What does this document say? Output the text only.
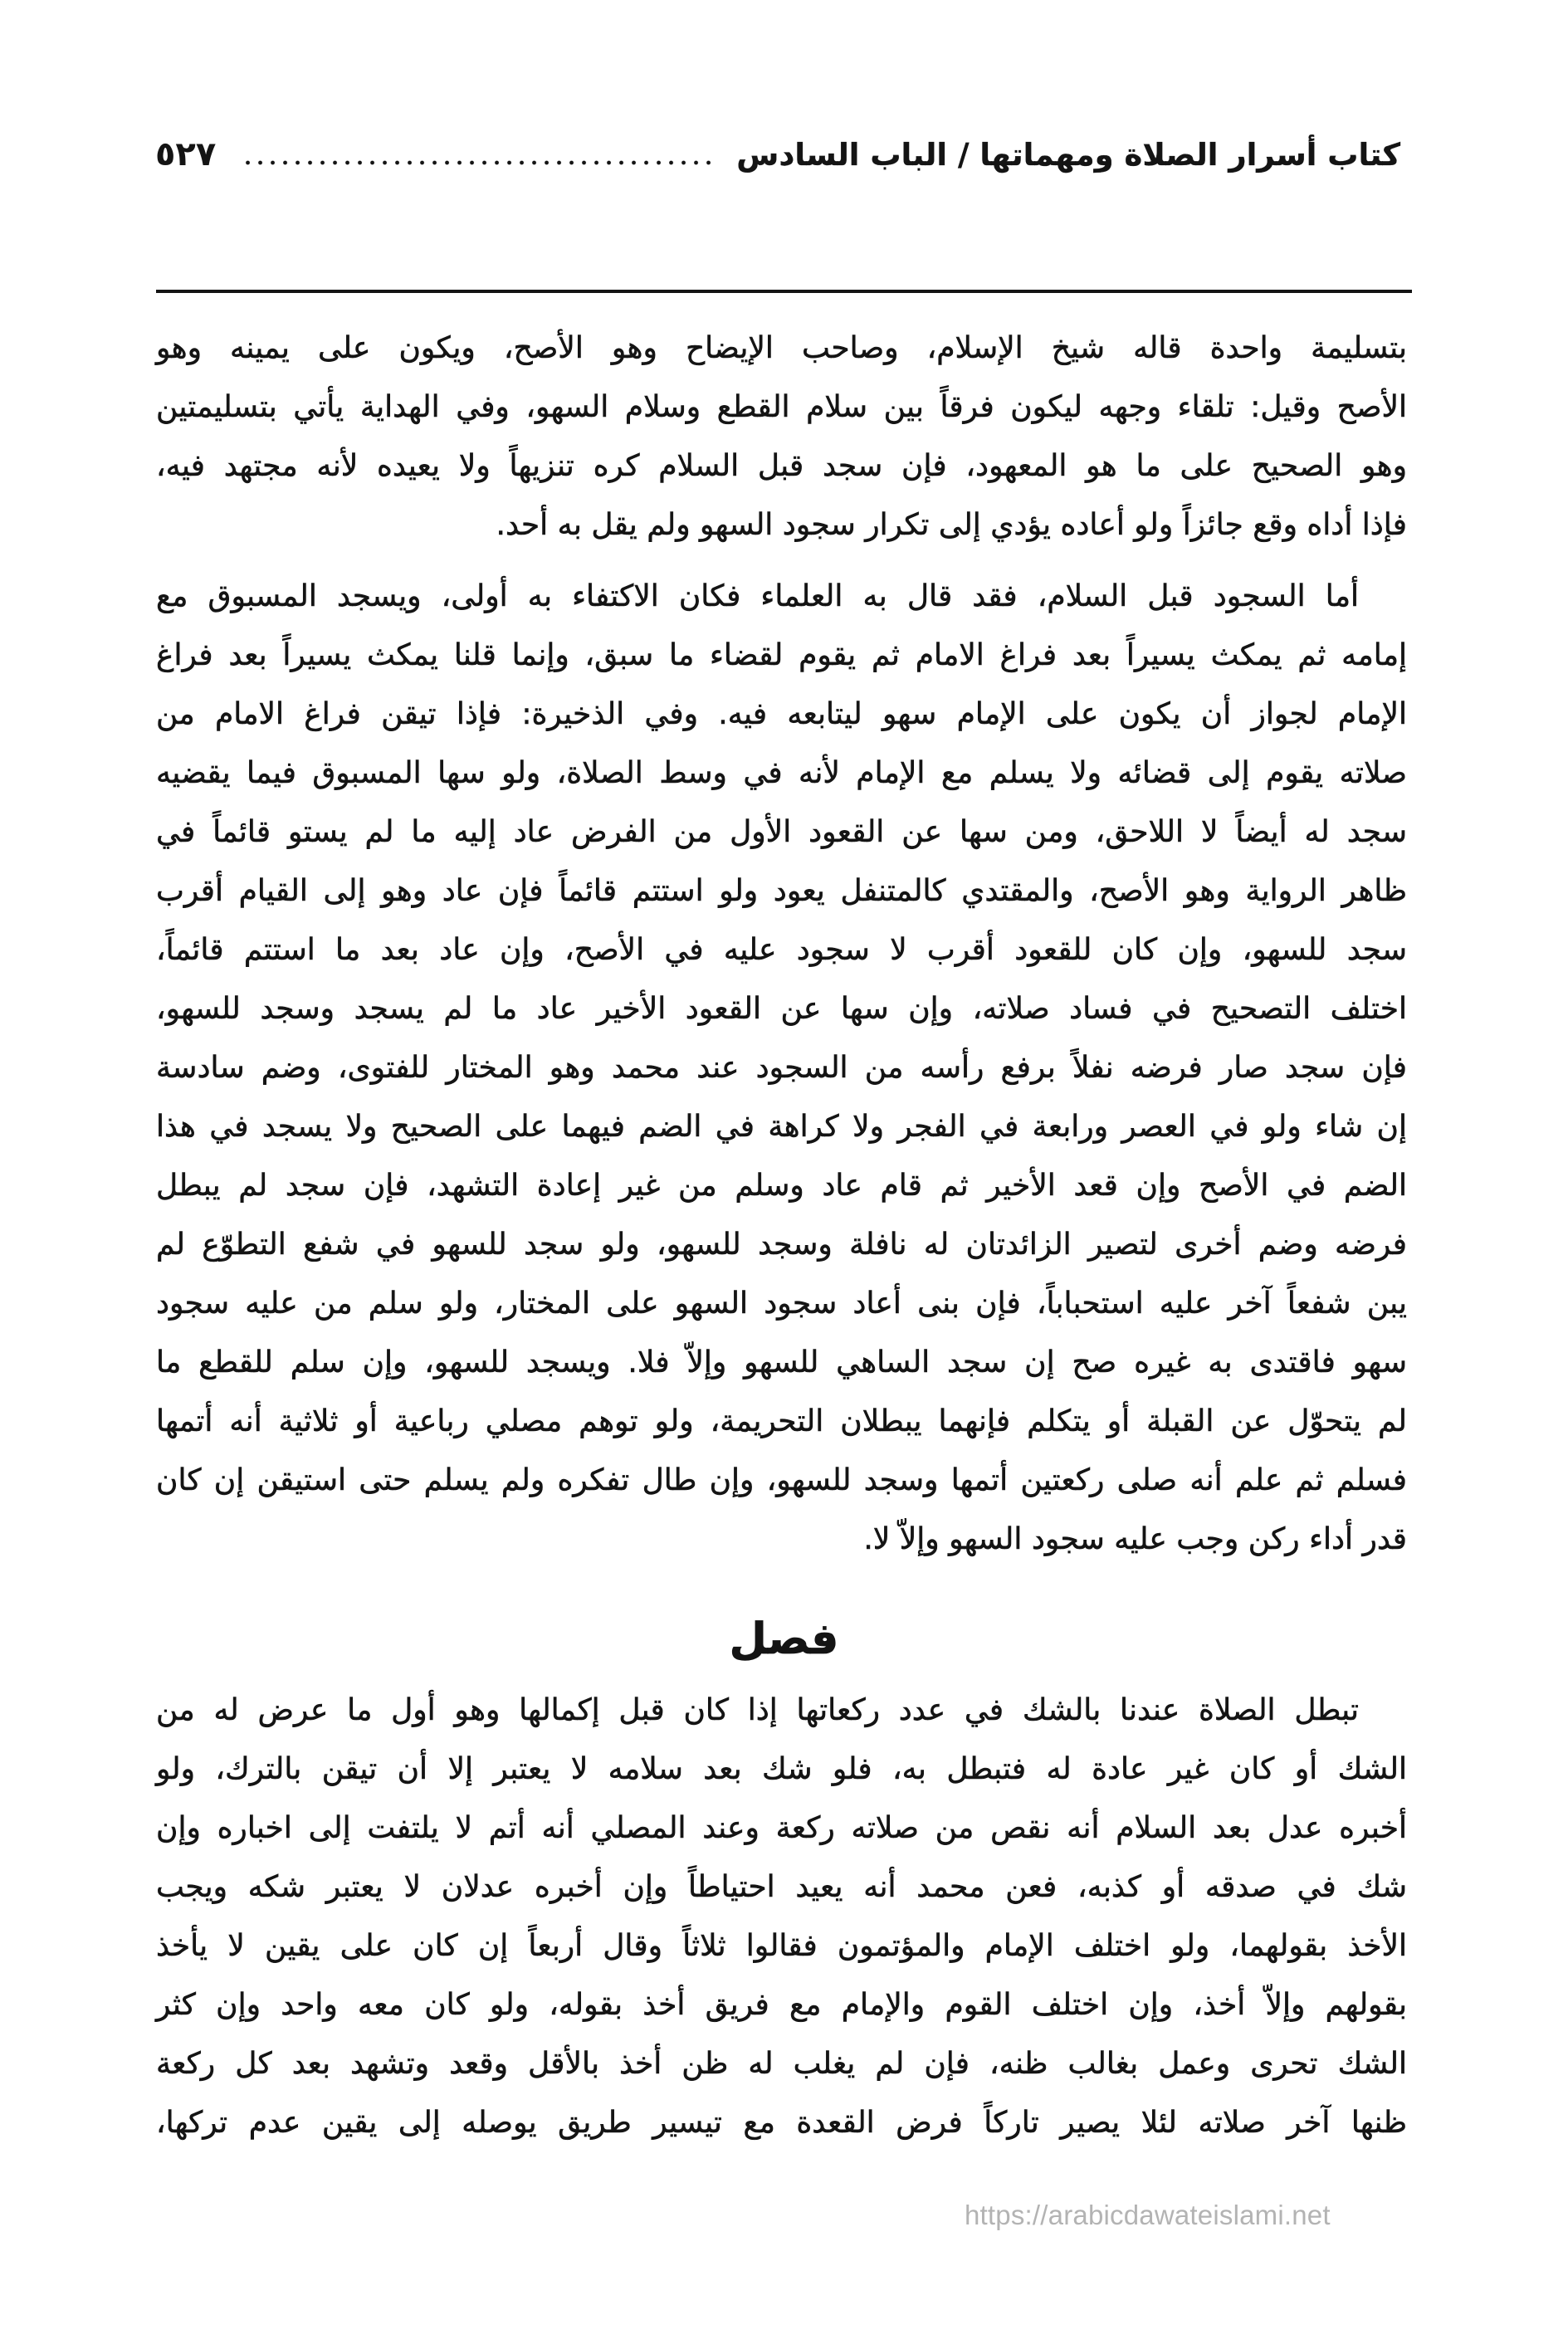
كتاب أسرار الصلاة ومهماتها / الباب السادس
٥٢٧
بتسليمة واحدة قاله شيخ الإسلام، وصاحب الإيضاح وهو الأصح، ويكون على يمينه وهو
الأصح وقيل: تلقاء وجهه ليكون فرقاً بين سلام القطع وسلام السهو، وفي الهداية يأتي بتسليمتين
وهو الصحيح على ما هو المعهود، فإن سجد قبل السلام كره تنزيهاً ولا يعيده لأنه مجتهد فيه،
فإذا أداه وقع جائزاً ولو أعاده يؤدي إلى تكرار سجود السهو ولم يقل به أحد.
أما السجود قبل السلام، فقد قال به العلماء فكان الاكتفاء به أولى، ويسجد المسبوق مع
إمامه ثم يمكث يسيراً بعد فراغ الامام ثم يقوم لقضاء ما سبق، وإنما قلنا يمكث يسيراً بعد فراغ
الإمام لجواز أن يكون على الإمام سهو ليتابعه فيه. وفي الذخيرة: فإذا تيقن فراغ الامام من
صلاته يقوم إلى قضائه ولا يسلم مع الإمام لأنه في وسط الصلاة، ولو سها المسبوق فيما يقضيه
سجد له أيضاً لا اللاحق، ومن سها عن القعود الأول من الفرض عاد إليه ما لم يستو قائماً في
ظاهر الرواية وهو الأصح، والمقتدي كالمتنفل يعود ولو استتم قائماً فإن عاد وهو إلى القيام أقرب
سجد للسهو، وإن كان للقعود أقرب لا سجود عليه في الأصح، وإن عاد بعد ما استتم قائماً،
اختلف التصحيح في فساد صلاته، وإن سها عن القعود الأخير عاد ما لم يسجد وسجد للسهو،
فإن سجد صار فرضه نفلاً برفع رأسه من السجود عند محمد وهو المختار للفتوى، وضم سادسة
إن شاء ولو في العصر ورابعة في الفجر ولا كراهة في الضم فيهما على الصحيح ولا يسجد في هذا
الضم في الأصح وإن قعد الأخير ثم قام عاد وسلم من غير إعادة التشهد، فإن سجد لم يبطل
فرضه وضم أخرى لتصير الزائدتان له نافلة وسجد للسهو، ولو سجد للسهو في شفع التطوّع لم
يبن شفعاً آخر عليه استحباباً، فإن بنى أعاد سجود السهو على المختار، ولو سلم من عليه سجود
سهو فاقتدى به غيره صح إن سجد الساهي للسهو وإلاّ فلا. ويسجد للسهو، وإن سلم للقطع ما
لم يتحوّل عن القبلة أو يتكلم فإنهما يبطلان التحريمة، ولو توهم مصلي رباعية أو ثلاثية أنه أتمها
فسلم ثم علم أنه صلى ركعتين أتمها وسجد للسهو، وإن طال تفكره ولم يسلم حتى استيقن إن كان
قدر أداء ركن وجب عليه سجود السهو وإلاّ لا.
فصل
تبطل الصلاة عندنا بالشك في عدد ركعاتها إذا كان قبل إكمالها وهو أول ما عرض له من
الشك أو كان غير عادة له فتبطل به، فلو شك بعد سلامه لا يعتبر إلا أن تيقن بالترك، ولو
أخبره عدل بعد السلام أنه نقص من صلاته ركعة وعند المصلي أنه أتم لا يلتفت إلى اخباره وإن
شك في صدقه أو كذبه، فعن محمد أنه يعيد احتياطاً وإن أخبره عدلان لا يعتبر شكه ويجب
الأخذ بقولهما، ولو اختلف الإمام والمؤتمون فقالوا ثلاثاً وقال أربعاً إن كان على يقين لا يأخذ
بقولهم وإلاّ أخذ، وإن اختلف القوم والإمام مع فريق أخذ بقوله، ولو كان معه واحد وإن كثر
الشك تحرى وعمل بغالب ظنه، فإن لم يغلب له ظن أخذ بالأقل وقعد وتشهد بعد كل ركعة
ظنها آخر صلاته لئلا يصير تاركاً فرض القعدة مع تيسير طريق يوصله إلى يقين عدم تركها،
https://arabicdawateislami.net
